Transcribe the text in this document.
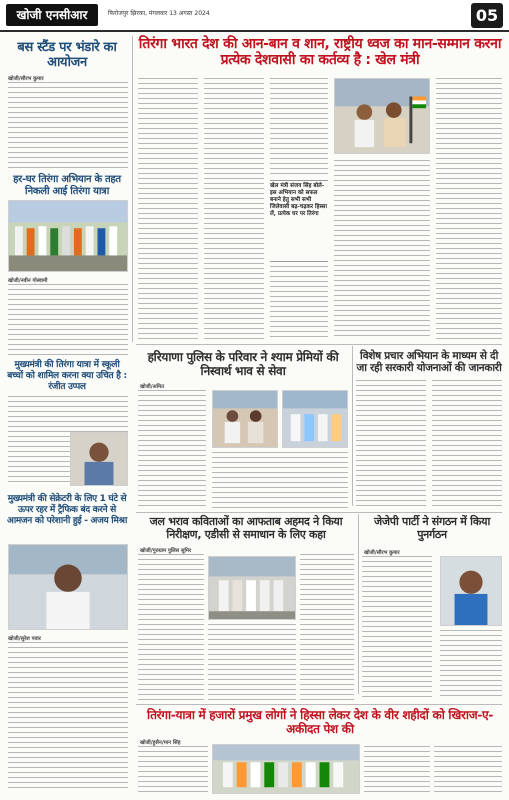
खोजी एनसीआर	फिरोजपुर झिरका, मंगलवार 13 अगस्त 2024	05
बस स्टैंड पर भंडारे का आयोजन
खोजी/सौरभ कुमार
तिरंगा भारत देश की आन-बान व शान, राष्ट्रीय ध्वज का मान-सम्मान करना प्रत्येक देशवासी का कर्तव्य है : खेल मंत्री
खेल मंत्री संजय सिंह बोले-इस अभियान को सफल बनाने हेतु सभी सभी जिलेवासी बढ़-चढ़कर हिस्सा लें, प्रत्येक घर पर तिरंगा
हर-घर तिरंगा अभियान के तहत निकली आई तिरंगा यात्रा
खोजी/नवीन गोस्वामी
हरियाणा पुलिस के परिवार ने श्याम प्रेमियों की निस्वार्थ भाव से सेवा
खोजी/अमित
विशेष प्रचार अभियान के माध्यम से दी जा रही सरकारी योजनाओं की जानकारी
मुख्यमंत्री की तिरंगा यात्रा में स्कूली बच्चों को शामिल करना क्या उचित है : रंजीत उप्पल
जल भराव कविताओं का आफताब अहमद ने किया निरीक्षण, एडीसी से समाधान के लिए कहा
खोजी/गुरुग्राम पुलिस सुमिर
जेजेपी पार्टी ने संगठन में किया पुनर्गठन
खोजी/सौरभ कुमार
मुख्यमंत्री की सेक्रेटरी के लिए 1 घंटे से ऊपर रहर में ट्रैफिक बंद करने से आमजन को परेशानी हुई - अजय मिश्रा
खोजी/सुरेश पवार
तिरंगा-यात्रा में हजारों प्रमुख लोगों ने हिस्सा लेकर देश के वीर शहीदों को खिराज-ए-अकीदत पेश की
खोजी/हुसैन/मान सिंह
